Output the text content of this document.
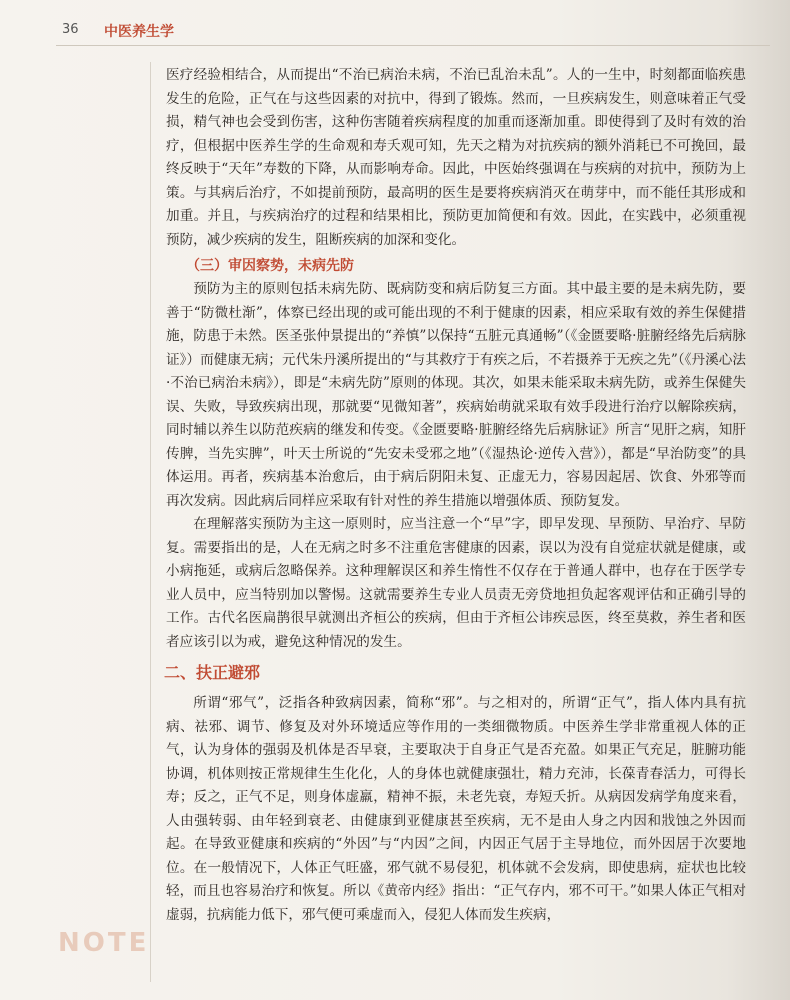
36 中医养生学

医疗经验相结合，从而提出“不治已病治未病，不治已乱治未乱”。人的一生中，时刻都面临疾患发生的危险，正气在与这些因素的对抗中，得到了锻炼。然而，一旦疾病发生，则意味着正气受损，精气神也会受到伤害，这种伤害随着疾病程度的加重而逐渐加重。即使得到了及时有效的治疗，但根据中医养生学的生命观和寿夭观可知，先天之精为对抗疾病的额外消耗已不可挽回，最终反映于“天年”寿数的下降，从而影响寿命。因此，中医始终强调在与疾病的对抗中，预防为上策。与其病后治疗，不如提前预防，最高明的医生是要将疾病消灭在萌芽中，而不能任其形成和加重。并且，与疾病治疗的过程和结果相比，预防更加简便和有效。因此，在实践中，必须重视预防，减少疾病的发生，阻断疾病的加深和变化。

（三）审因察势，未病先防

预防为主的原则包括未病先防、既病防变和病后防复三方面。其中最主要的是未病先防，要善于“防微杜渐”，体察已经出现的或可能出现的不利于健康的因素，相应采取有效的养生保健措施，防患于未然。医圣张仲景提出的“养慎”以保持“五脏元真通畅”（《金匮要略·脏腑经络先后病脉证》）而健康无病；元代朱丹溪所提出的“与其救疗于有疾之后，不若摄养于无疾之先”（《丹溪心法·不治已病治未病》），即是“未病先防”原则的体现。其次，如果未能采取未病先防，或养生保健失误、失败，导致疾病出现，那就要“见微知著”，疾病始萌就采取有效手段进行治疗以解除疾病，同时辅以养生以防范疾病的继发和传变。《金匮要略·脏腑经络先后病脉证》所言“见肝之病，知肝传脾，当先实脾”，叶天士所说的“先安未受邪之地”（《湿热论·逆传入营》），都是“早治防变”的具体运用。再者，疾病基本治愈后，由于病后阴阳未复、正虚无力，容易因起居、饮食、外邪等而再次发病。因此病后同样应采取有针对性的养生措施以增强体质、预防复发。

在理解落实预防为主这一原则时，应当注意一个“早”字，即早发现、早预防、早治疗、早防复。需要指出的是，人在无病之时多不注重危害健康的因素，误以为没有自觉症状就是健康，或小病拖延，或病后忽略保养。这种理解误区和养生惰性不仅存在于普通人群中，也存在于医学专业人员中，应当特别加以警惕。这就需要养生专业人员责无旁贷地担负起客观评估和正确引导的工作。古代名医扁鹊很早就测出齐桓公的疾病，但由于齐桓公讳疾忌医，终至莫救，养生者和医者应该引以为戒，避免这种情况的发生。

二、扶正避邪

所谓“邪气”，泛指各种致病因素，简称“邪”。与之相对的，所谓“正气”，指人体内具有抗病、祛邪、调节、修复及对外环境适应等作用的一类细微物质。中医养生学非常重视人体的正气，认为身体的强弱及机体是否早衰，主要取决于自身正气是否充盈。如果正气充足，脏腑功能协调，机体则按正常规律生生化化，人的身体也就健康强壮，精力充沛，长葆青春活力，可得长寿；反之，正气不足，则身体虚羸，精神不振，未老先衰，寿短夭折。从病因发病学角度来看，人由强转弱、由年轻到衰老、由健康到亚健康甚至疾病，无不是由人身之内因和戕蚀之外因而起。在导致亚健康和疾病的“外因”与“内因”之间，内因正气居于主导地位，而外因居于次要地位。在一般情况下，人体正气旺盛，邪气就不易侵犯，机体就不会发病，即使患病，症状也比较轻，而且也容易治疗和恢复。所以《黄帝内经》指出：“正气存内，邪不可干。”如果人体正气相对虚弱，抗病能力低下，邪气便可乘虚而入，侵犯人体而发生疾病，

NOTE
